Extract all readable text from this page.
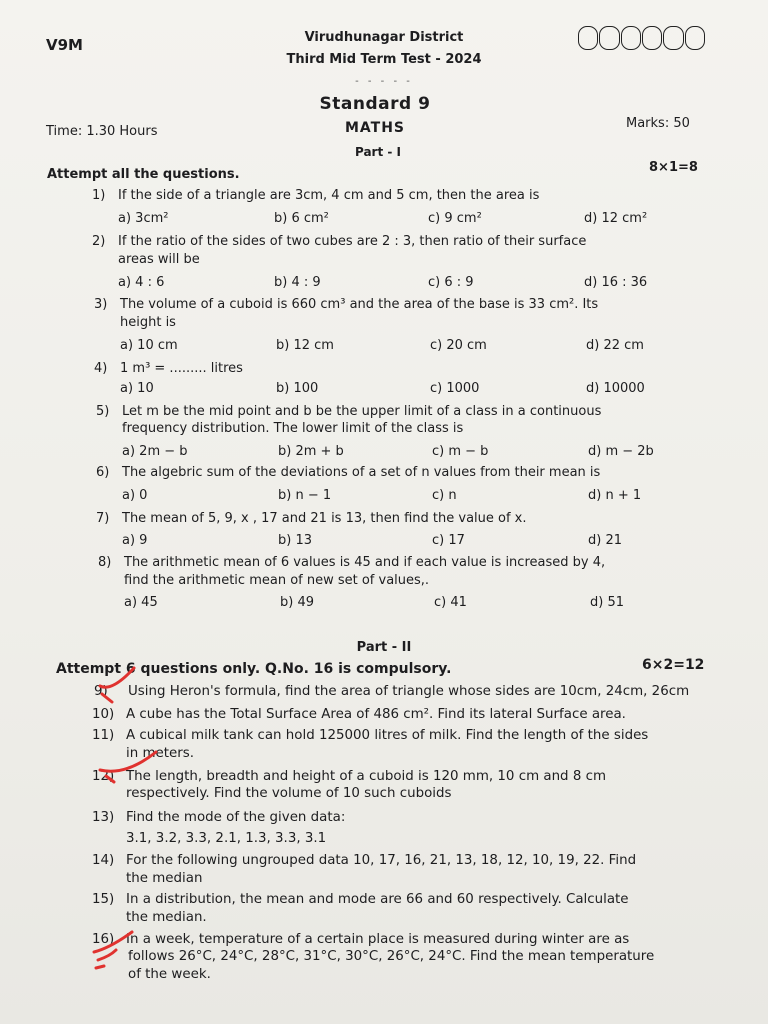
V9M	Virudhunagar District
Third Mid Term Test - 2024
- - - - -
Standard 9
MATHS
Time: 1.30 Hours
Marks: 50
Part - I
Attempt all the questions.	8×1=8
1) If the side of a triangle are 3cm, 4 cm and 5 cm, then the area is
a) 3cm²	b) 6 cm²	c) 9 cm²	d) 12 cm²
2) If the ratio of the sides of two cubes are 2 : 3, then ratio of their surface
areas will be
a) 4 : 6	b) 4 : 9	c) 6 : 9	d) 16 : 36
3) The volume of a cuboid is 660 cm³ and the area of the base is 33 cm². Its
height is
a) 10 cm	b) 12 cm	c) 20 cm	d) 22 cm
4) 1 m³ = ......... litres
a) 10	b) 100	c) 1000	d) 10000
5) Let m be the mid point and b be the upper limit of a class in a continuous
frequency distribution. The lower limit of the class is
a) 2m − b	b) 2m + b	c) m − b	d) m − 2b
6) The algebric sum of the deviations of a set of n values from their mean is
a) 0	b) n − 1	c) n	d) n + 1
7) The mean of 5, 9, x , 17 and 21 is 13, then find the value of x.
a) 9	b) 13	c) 17	d) 21
8) The arithmetic mean of 6 values is 45 and if each value is increased by 4,
find the arithmetic mean of new set of values,.
a) 45	b) 49	c) 41	d) 51
Part - II
Attempt 6 questions only. Q.No. 16 is compulsory.	6×2=12
9) Using Heron's formula, find the area of triangle whose sides are 10cm, 24cm, 26cm
10) A cube has the Total Surface Area of 486 cm². Find its lateral Surface area.
11) A cubical milk tank can hold 125000 litres of milk. Find the length of the sides
in meters.
12) The length, breadth and height of a cuboid is 120 mm, 10 cm and 8 cm
respectively. Find the volume of 10 such cuboids
13) Find the mode of the given data:
3.1, 3.2, 3.3, 2.1, 1.3, 3.3, 3.1
14) For the following ungrouped data 10, 17, 16, 21, 13, 18, 12, 10, 19, 22. Find
the median
15) In a distribution, the mean and mode are 66 and 60 respectively. Calculate
the median.
16) In a week, temperature of a certain place is measured during winter are as
follows 26°C, 24°C, 28°C, 31°C, 30°C, 26°C, 24°C. Find the mean temperature
of the week.
